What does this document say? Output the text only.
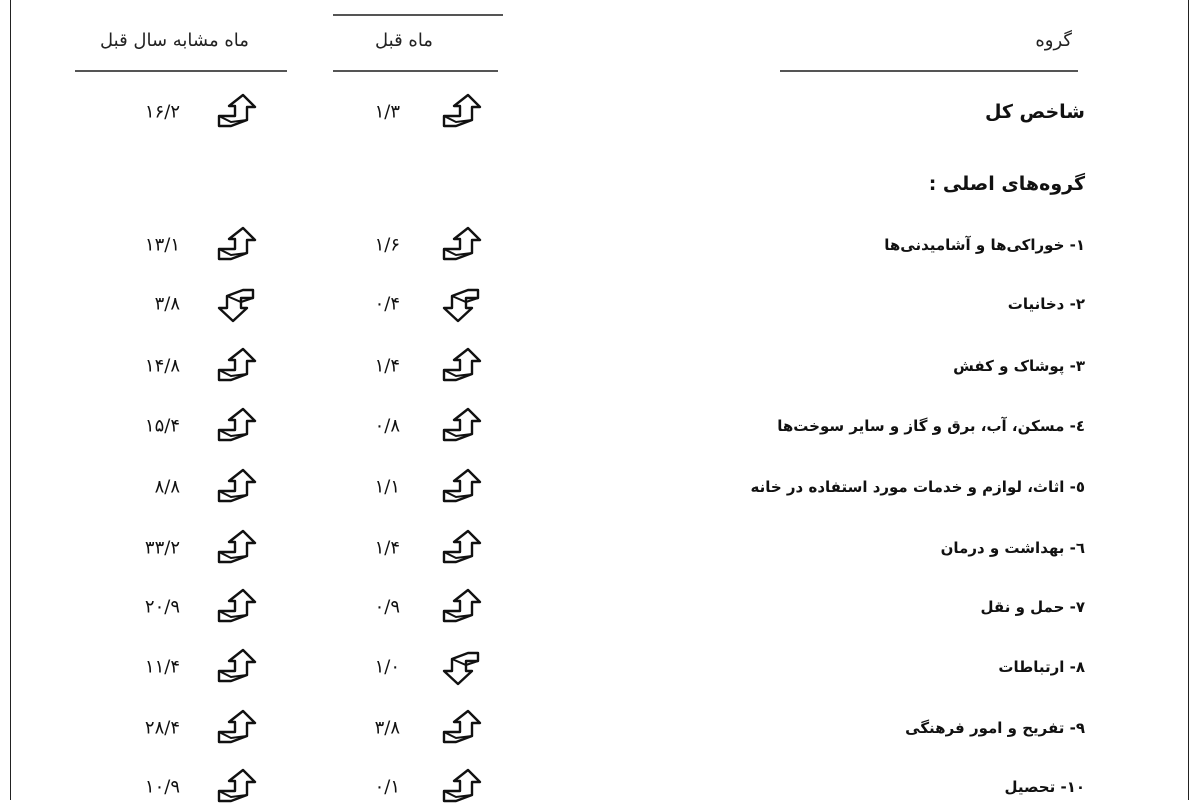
گروه
ماه قبل
ماه مشابه سال قبل
شاخص کل
۱/۳
۱۶/۲
گروه‌های اصلی :
۱- خوراکی‌ها و آشامیدنی‌ها
۱/۶
۱۳/۱
۲- دخانیات
۰/۴
۳/۸
۳- پوشاک و کفش
۱/۴
۱۴/۸
٤- مسکن، آب، برق و گاز و سایر سوخت‌ها
۰/۸
۱۵/۴
٥- اثاث، لوازم و خدمات مورد استفاده در خانه
۱/۱
۸/۸
٦- بهداشت و درمان
۱/۴
۳۳/۲
۷- حمل و نقل
۰/۹
۲۰/۹
۸- ارتباطات
۱/۰
۱۱/۴
۹- تفریح و امور فرهنگی
۳/۸
۲۸/۴
۱۰- تحصیل
۰/۱
۱۰/۹
